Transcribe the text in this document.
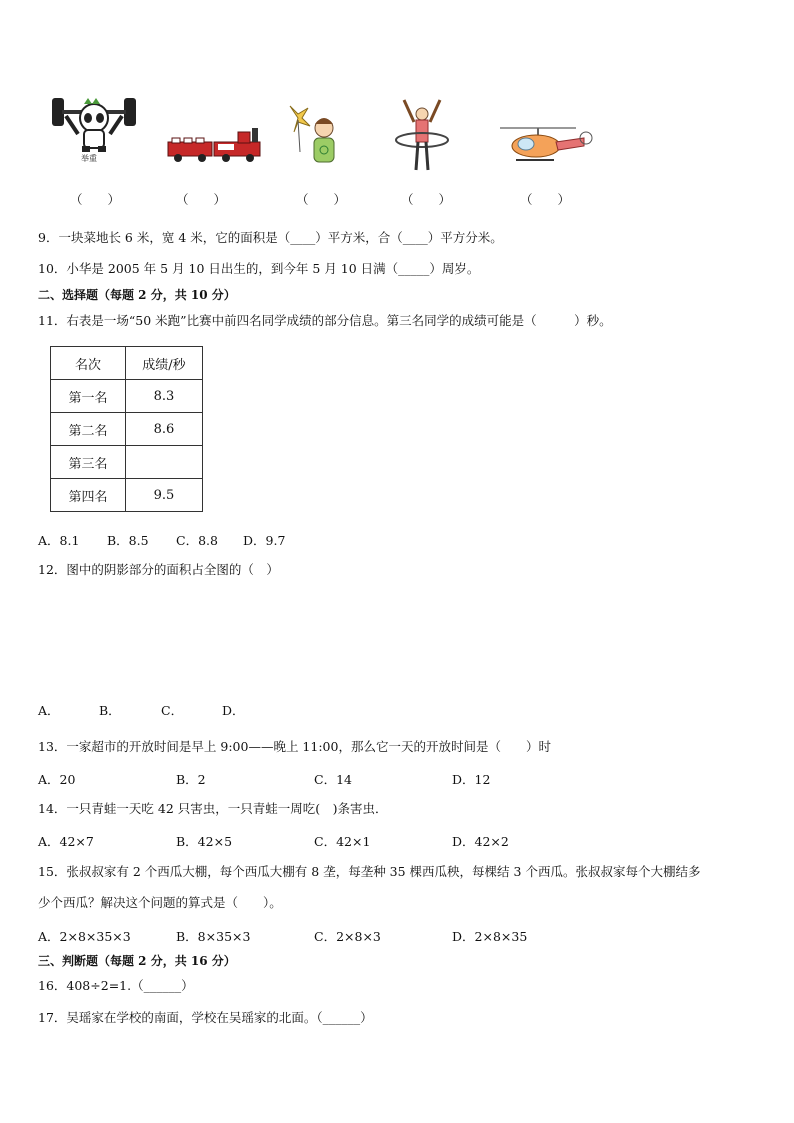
举重
（　　）	（　　）	（　　）	（　　）	（　　）
9．一块菜地长 6 米，宽 4 米，它的面积是（____）平方米，合（____）平方分米。
10．小华是 2005 年 5 月 10 日出生的，到今年 5 月 10 日满（_____）周岁。
二、选择题（每题 2 分，共 10 分）
11．右表是一场“50 米跑”比赛中前四名同学成绩的部分信息。第三名同学的成绩可能是（　　　）秒。
名次	成绩/秒
第一名	8.3
第二名	8.6
第三名	
第四名	9.5
A．8.1 B．8.5 C．8.8 D．9.7
12．图中的阴影部分的面积占全图的（　）
A．	B．	C．	D．
13．一家超市的开放时间是早上 9:00——晚上 11:00，那么它一天的开放时间是（　　）时
A．20	B．2	C．14	D．12
14．一只青蛙一天吃 42 只害虫，一只青蛙一周吃(　)条害虫．
A．42×7	B．42×5	C．42×1	D．42×2
15．张叔叔家有 2 个西瓜大棚，每个西瓜大棚有 8 垄，每垄种 35 棵西瓜秧，每棵结 3 个西瓜。张叔叔家每个大棚结多
少个西瓜？解决这个问题的算式是（　　）。
A．2×8×35×3	B．8×35×3	C．2×8×3	D．2×8×35
三、判断题（每题 2 分，共 16 分）
16．408÷2=1.（______）
17．吴瑶家在学校的南面，学校在吴瑶家的北面。（______）
